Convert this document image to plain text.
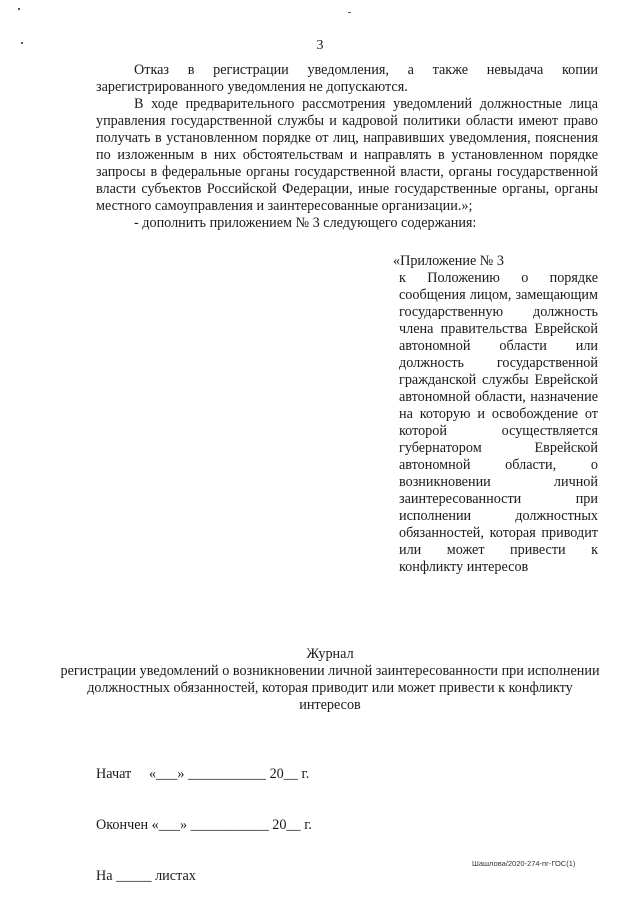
3

Отказ в регистрации уведомления, а также невыдача копии зарегистрированного уведомления не допускаются.

В ходе предварительного рассмотрения уведомлений должностные лица управления государственной службы и кадровой политики области имеют право получать в установленном порядке от лиц, направивших уведомления, пояснения по изложенным в них обстоятельствам и направлять в установленном порядке запросы в федеральные органы государственной власти, органы государственной власти субъектов Российской Федерации, иные государственные органы, органы местного самоуправления и заинтересованные организации.»;

- дополнить приложением № 3 следующего содержания:

«Приложение № 3
к Положению о порядке сообщения лицом, замещающим государственную должность члена правительства Еврейской автономной области или должность государственной гражданской службы Еврейской автономной области, назначение на которую и освобождение от которой осуществляется губернатором Еврейской автономной области, о возникновении личной заинтересованности при исполнении должностных обязанностей, которая приводит или может привести к конфликту интересов
Журнал
регистрации уведомлений о возникновении личной заинтересованности при исполнении должностных обязанностей, которая приводит или может привести к конфликту интересов

Начат     «___» ___________ 20__ г.

Окончен «___» ___________ 20__ г.

На _____ листах

Шашлова/2020-274-пг-ГОС(1)
